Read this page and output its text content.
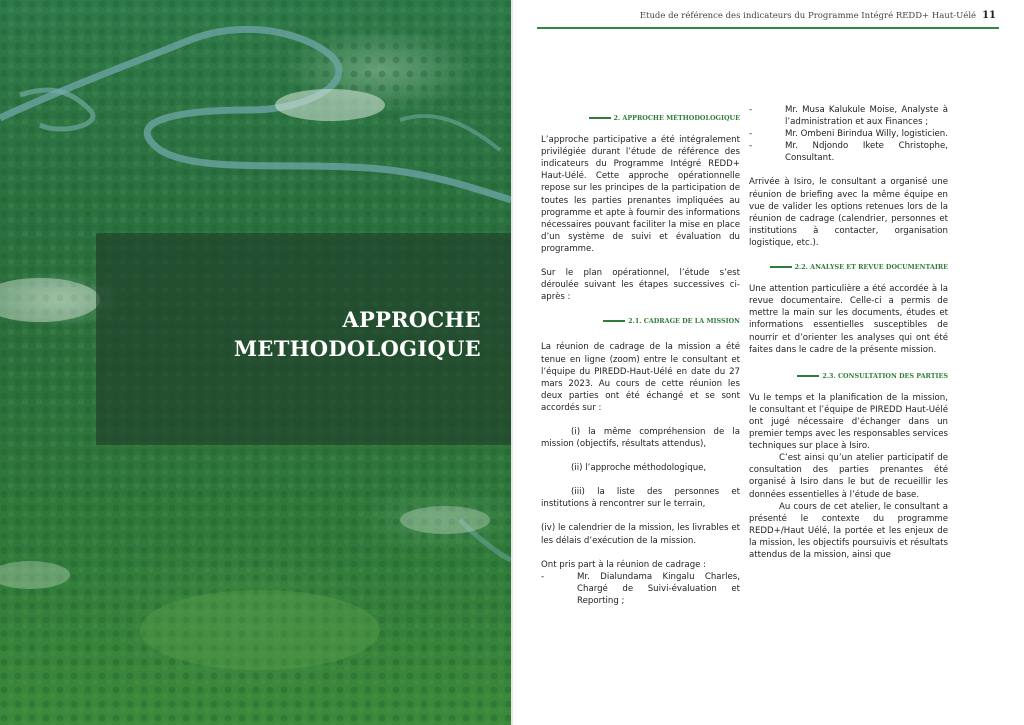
APPROCHE
METHODOLOGIQUE
Etude de référence des indicateurs du Programme Intégré REDD+ Haut-Uélé 11
2. APPROCHE MÉTHODOLOGIQUE

L’approche participative a été intégralement privilégiée durant l’étude de référence des indicateurs du Programme Intégré REDD+ Haut-Uélé. Cette approche opérationnelle repose sur les principes de la participation de toutes les parties prenantes impliquées au programme et apte à fournir des informations nécessaires pouvant faciliter la mise en place d’un système de suivi et évaluation du programme.

Sur le plan opérationnel, l’étude s’est déroulée suivant les étapes successives ci-après :

2.1. CADRAGE DE LA MISSION

La réunion de cadrage de la mission a été tenue en ligne (zoom) entre le consultant et l’équipe du PIREDD-Haut-Uélé en date du 27 mars 2023. Au cours de cette réunion les deux parties ont été échangé et se sont accordés sur :

(i) la même compréhension de la mission (objectifs, résultats attendus),

(ii) l’approche méthodologique,

(iii) la liste des personnes et institutions à rencontrer sur le terrain,

(iv) le calendrier de la mission, les livrables et les délais d’exécution de la mission.

Ont pris part à la réunion de cadrage :

-	Mr. Dialundama Kingalu Charles, Chargé de Suivi-évaluation et Reporting ;
-	Mr. Musa Kalukule Moise, Analyste à l’administration et aux Finances ;
-	Mr. Ombeni Birindua Willy, logisticien.
-	Mr. Ndjondo Ikete Christophe, Consultant.

Arrivée à Isiro, le consultant a organisé une réunion de briefing avec la même équipe en vue de valider les options retenues lors de la réunion de cadrage (calendrier, personnes et institutions à contacter, organisation logistique, etc.).

2.2. ANALYSE ET REVUE DOCUMENTAIRE

Une attention particulière a été accordée à la revue documentaire. Celle-ci a permis de mettre la main sur les documents, études et informations essentielles susceptibles de nourrir et d’orienter les analyses qui ont été faites dans le cadre de la présente mission.

2.3. CONSULTATION DES PARTIES

Vu le temps et la planification de la mission, le consultant et l’équipe de PIREDD Haut-Uélé ont jugé nécessaire d’échanger dans un premier temps avec les responsables services techniques sur place à Isiro.

C’est ainsi qu’un atelier participatif de consultation des parties prenantes été organisé à Isiro dans le but de recueillir les données essentielles à l’étude de base.

Au cours de cet atelier, le consultant a présenté le contexte du programme REDD+/Haut Uélé, la portée et les enjeux de la mission, les objectifs poursuivis et résultats attendus de la mission, ainsi que
